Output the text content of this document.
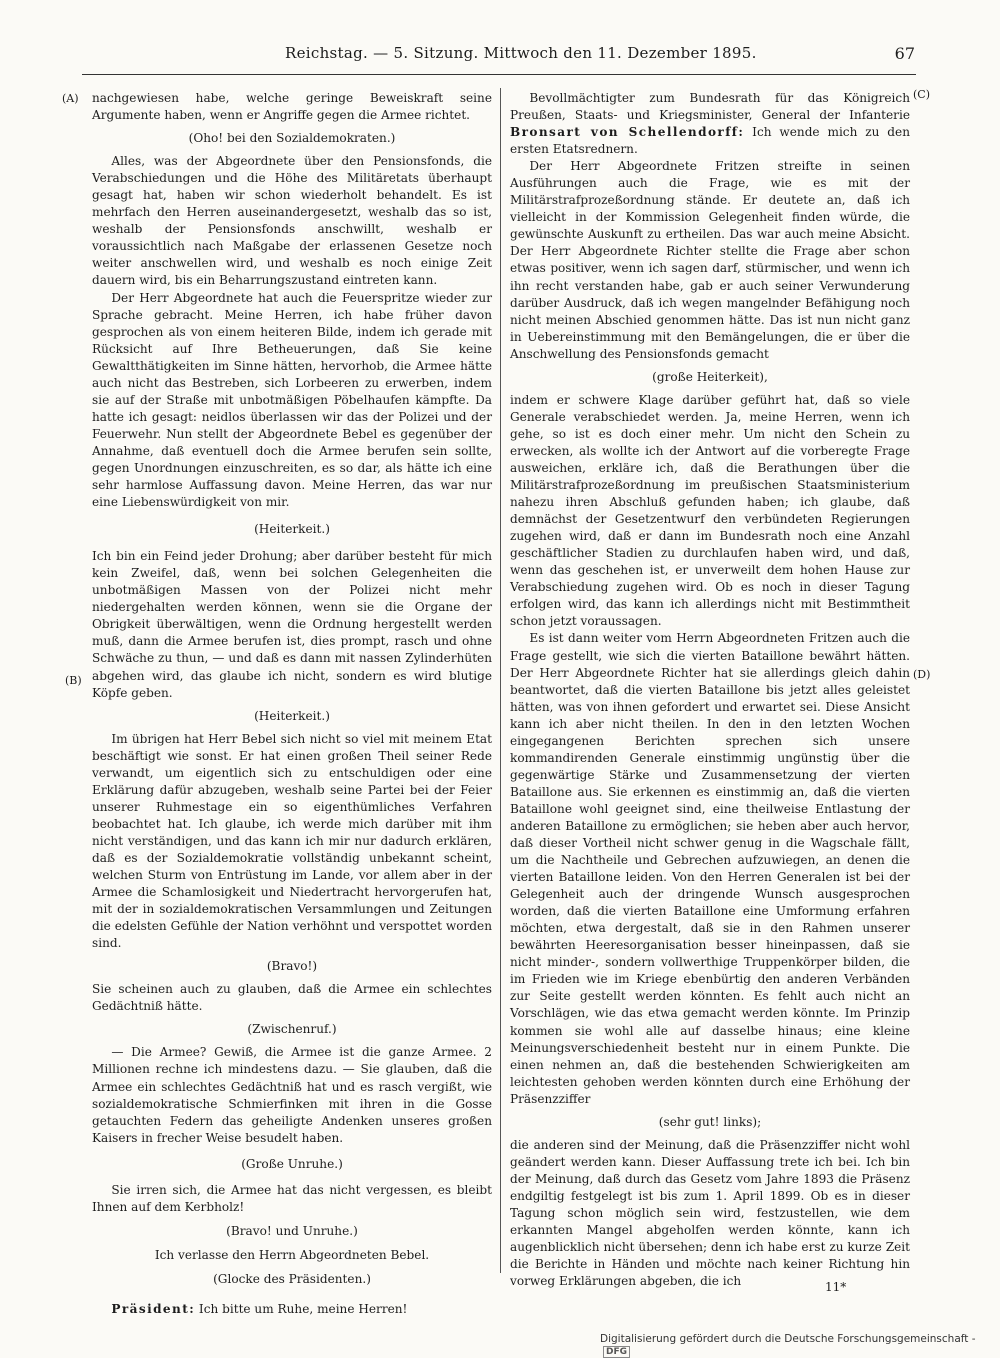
Reichstag. — 5. Sitzung. Mittwoch den 11. Dezember 1895.	67
(A)
(B)
(C)
(D)

nachgewiesen habe, welche geringe Beweiskraft seine Argumente haben, wenn er Angriffe gegen die Armee richtet.

(Oho! bei den Sozialdemokraten.)

Alles, was der Abgeordnete über den Pensionsfonds, die Verabschiedungen und die Höhe des Militäretats überhaupt gesagt hat, haben wir schon wiederholt behandelt. Es ist mehrfach den Herren auseinandergesetzt, weshalb das so ist, weshalb der Pensionsfonds anschwillt, weshalb er voraussichtlich nach Maßgabe der erlassenen Gesetze noch weiter anschwellen wird, und weshalb es noch einige Zeit dauern wird, bis ein Beharrungszustand eintreten kann.

Der Herr Abgeordnete hat auch die Feuerspritze wieder zur Sprache gebracht. Meine Herren, ich habe früher davon gesprochen als von einem heiteren Bilde, indem ich gerade mit Rücksicht auf Ihre Betheuerungen, daß Sie keine Gewaltthätigkeiten im Sinne hätten, hervorhob, die Armee hätte auch nicht das Bestreben, sich Lorbeeren zu erwerben, indem sie auf der Straße mit unbotmäßigen Pöbelhaufen kämpfte. Da hatte ich gesagt: neidlos überlassen wir das der Polizei und der Feuerwehr. Nun stellt der Abgeordnete Bebel es gegenüber der Annahme, daß eventuell doch die Armee berufen sein sollte, gegen Unordnungen einzuschreiten, es so dar, als hätte ich eine sehr harmlose Auffassung davon. Meine Herren, das war nur eine Liebenswürdigkeit von mir.

(Heiterkeit.)

Ich bin ein Feind jeder Drohung; aber darüber besteht für mich kein Zweifel, daß, wenn bei solchen Gelegenheiten die unbotmäßigen Massen von der Polizei nicht mehr niedergehalten werden können, wenn sie die Organe der Obrigkeit überwältigen, wenn die Ordnung hergestellt werden muß, dann die Armee berufen ist, dies prompt, rasch und ohne Schwäche zu thun, — und daß es dann mit nassen Zylinderhüten abgehen wird, das glaube ich nicht, sondern es wird blutige Köpfe geben.

(Heiterkeit.)

Im übrigen hat Herr Bebel sich nicht so viel mit meinem Etat beschäftigt wie sonst. Er hat einen großen Theil seiner Rede verwandt, um eigentlich sich zu entschuldigen oder eine Erklärung dafür abzugeben, weshalb seine Partei bei der Feier unserer Ruhmestage ein so eigenthümliches Verfahren beobachtet hat. Ich glaube, ich werde mich darüber mit ihm nicht verständigen, und das kann ich mir nur dadurch erklären, daß es der Sozialdemokratie vollständig unbekannt scheint, welchen Sturm von Entrüstung im Lande, vor allem aber in der Armee die Schamlosigkeit und Niedertracht hervorgerufen hat, mit der in sozialdemokratischen Versammlungen und Zeitungen die edelsten Gefühle der Nation verhöhnt und verspottet worden sind.

(Bravo!)

Sie scheinen auch zu glauben, daß die Armee ein schlechtes Gedächtniß hätte.

(Zwischenruf.)

— Die Armee? Gewiß, die Armee ist die ganze Armee. 2 Millionen rechne ich mindestens dazu. — Sie glauben, daß die Armee ein schlechtes Gedächtniß hat und es rasch vergißt, wie sozialdemokratische Schmierfinken mit ihren in die Gosse getauchten Federn das geheiligte Andenken unseres großen Kaisers in frecher Weise besudelt haben.

(Große Unruhe.)

Sie irren sich, die Armee hat das nicht vergessen, es bleibt Ihnen auf dem Kerbholz!

(Bravo! und Unruhe.)

Ich verlasse den Herrn Abgeordneten Bebel.

(Glocke des Präsidenten.)

Präsident: Ich bitte um Ruhe, meine Herren!

Bevollmächtigter zum Bundesrath für das Königreich Preußen, Staats- und Kriegsminister, General der Infanterie Bronsart von Schellendorff: Ich wende mich zu den ersten Etatsrednern.

Der Herr Abgeordnete Fritzen streifte in seinen Ausführungen auch die Frage, wie es mit der Militärstrafprozeßordnung stände. Er deutete an, daß ich vielleicht in der Kommission Gelegenheit finden würde, die gewünschte Auskunft zu ertheilen. Das war auch meine Absicht. Der Herr Abgeordnete Richter stellte die Frage aber schon etwas positiver, wenn ich sagen darf, stürmischer, und wenn ich ihn recht verstanden habe, gab er auch seiner Verwunderung darüber Ausdruck, daß ich wegen mangelnder Befähigung noch nicht meinen Abschied genommen hätte. Das ist nun nicht ganz in Uebereinstimmung mit den Bemängelungen, die er über die Anschwellung des Pensionsfonds gemacht

(große Heiterkeit),

indem er schwere Klage darüber geführt hat, daß so viele Generale verabschiedet werden. Ja, meine Herren, wenn ich gehe, so ist es doch einer mehr. Um nicht den Schein zu erwecken, als wollte ich der Antwort auf die vorberegte Frage ausweichen, erkläre ich, daß die Berathungen über die Militärstrafprozeßordnung im preußischen Staatsministerium nahezu ihren Abschluß gefunden haben; ich glaube, daß demnächst der Gesetzentwurf den verbündeten Regierungen zugehen wird, daß er dann im Bundesrath noch eine Anzahl geschäftlicher Stadien zu durchlaufen haben wird, und daß, wenn das geschehen ist, er unverweilt dem hohen Hause zur Verabschiedung zugehen wird. Ob es noch in dieser Tagung erfolgen wird, das kann ich allerdings nicht mit Bestimmtheit schon jetzt voraussagen.

Es ist dann weiter vom Herrn Abgeordneten Fritzen auch die Frage gestellt, wie sich die vierten Bataillone bewährt hätten. Der Herr Abgeordnete Richter hat sie allerdings gleich dahin beantwortet, daß die vierten Bataillone bis jetzt alles geleistet hätten, was von ihnen gefordert und erwartet sei. Diese Ansicht kann ich aber nicht theilen. In den in den letzten Wochen eingegangenen Berichten sprechen sich unsere kommandirenden Generale einstimmig ungünstig über die gegenwärtige Stärke und Zusammensetzung der vierten Bataillone aus. Sie erkennen es einstimmig an, daß die vierten Bataillone wohl geeignet sind, eine theilweise Entlastung der anderen Bataillone zu ermöglichen; sie heben aber auch hervor, daß dieser Vortheil nicht schwer genug in die Wagschale fällt, um die Nachtheile und Gebrechen aufzuwiegen, an denen die vierten Bataillone leiden. Von den Herren Generalen ist bei der Gelegenheit auch der dringende Wunsch ausgesprochen worden, daß die vierten Bataillone eine Umformung erfahren möchten, etwa dergestalt, daß sie in den Rahmen unserer bewährten Heeresorganisation besser hineinpassen, daß sie nicht minder-, sondern vollwerthige Truppenkörper bilden, die im Frieden wie im Kriege ebenbürtig den anderen Verbänden zur Seite gestellt werden könnten. Es fehlt auch nicht an Vorschlägen, wie das etwa gemacht werden könnte. Im Prinzip kommen sie wohl alle auf dasselbe hinaus; eine kleine Meinungsverschiedenheit besteht nur in einem Punkte. Die einen nehmen an, daß die bestehenden Schwierigkeiten am leichtesten gehoben werden könnten durch eine Erhöhung der Präsenzziffer

(sehr gut! links);

die anderen sind der Meinung, daß die Präsenzziffer nicht wohl geändert werden kann. Dieser Auffassung trete ich bei. Ich bin der Meinung, daß durch das Gesetz vom Jahre 1893 die Präsenz endgiltig festgelegt ist bis zum 1. April 1899. Ob es in dieser Tagung schon möglich sein wird, festzustellen, wie dem erkannten Mangel abgeholfen werden könnte, kann ich augenblicklich nicht übersehen; denn ich habe erst zu kurze Zeit die Berichte in Händen und möchte nach keiner Richtung hin vorweg Erklärungen abgeben, die ich	11*
Digitalisierung gefördert durch die Deutsche Forschungsgemeinschaft - DFG
